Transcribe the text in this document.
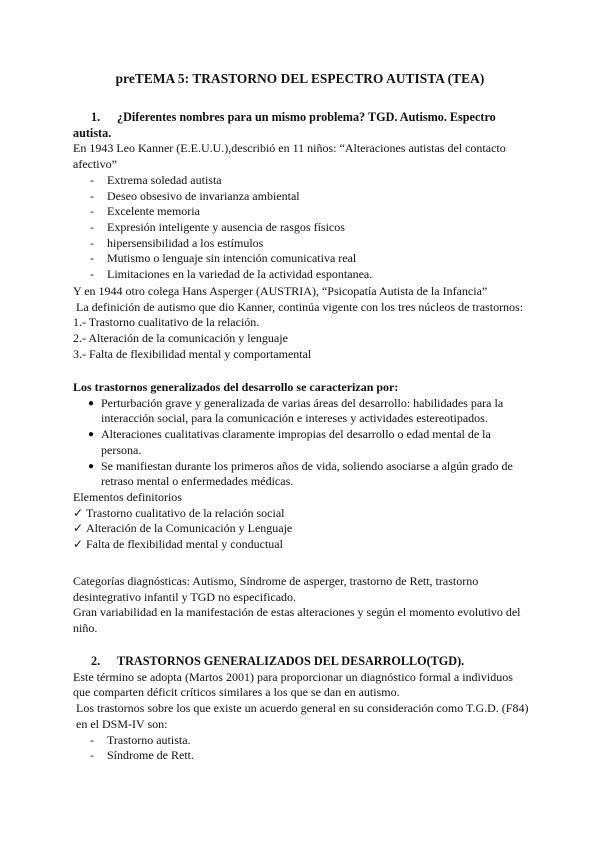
preTEMA 5: TRASTORNO DEL ESPECTRO AUTISTA (TEA)
1. ¿Diferentes nombres para un mismo problema? TGD. Autismo. Espectro autista.

En 1943 Leo Kanner (E.E.U.U.),describió en 11 niños: “Alteraciones autistas del contacto afectivo”

- Extrema soledad autista
- Deseo obsesivo de invarianza ambiental
- Excelente memoria
- Expresión inteligente y ausencia de rasgos físicos
- hipersensibilidad a los estímulos
- Mutismo o lenguaje sin intención comunicativa real
- Limitaciones en la variedad de la actividad espontanea.

Y en 1944 otro colega Hans Asperger (AUSTRIA), “Psicopatía Autista de la Infancia”

La definición de autismo que dio Kanner, continúa vigente con los tres núcleos de trastornos:

1.- Trastorno cualitativo de la relación.

2.- Alteración de la comunicación y lenguaje

3.- Falta de flexibilidad mental y comportamental

Los trastornos generalizados del desarrollo se caracterizan por:

● Perturbación grave y generalizada de varias áreas del desarrollo: habilidades para la interacción social, para la comunicación e intereses y actividades estereotipados.
● Alteraciones cualitativas claramente impropias del desarrollo o edad mental de la persona.
● Se manifiestan durante los primeros años de vida, soliendo asociarse a algún grado de retraso mental o enfermedades médicas.

Elementos definitorios

✓ Trastorno cualitativo de la relación social
✓ Alteración de la Comunicación y Lenguaje
✓ Falta de flexibilidad mental y conductual

Categorías diagnósticas: Autismo, Síndrome de asperger, trastorno de Rett, trastorno desintegrativo infantil y TGD no especificado.

Gran variabilidad en la manifestación de estas alteraciones y según el momento evolutivo del niño.

2. TRASTORNOS GENERALIZADOS DEL DESARROLLO(TGD).

Este término se adopta (Martos 2001) para proporcionar un diagnóstico formal a individuos que comparten déficit críticos similares a los que se dan en autismo.

Los trastornos sobre los que existe un acuerdo general en su consideración como T.G.D. (F84) en el DSM-IV son:

- Trastorno autista.
- Síndrome de Rett.
